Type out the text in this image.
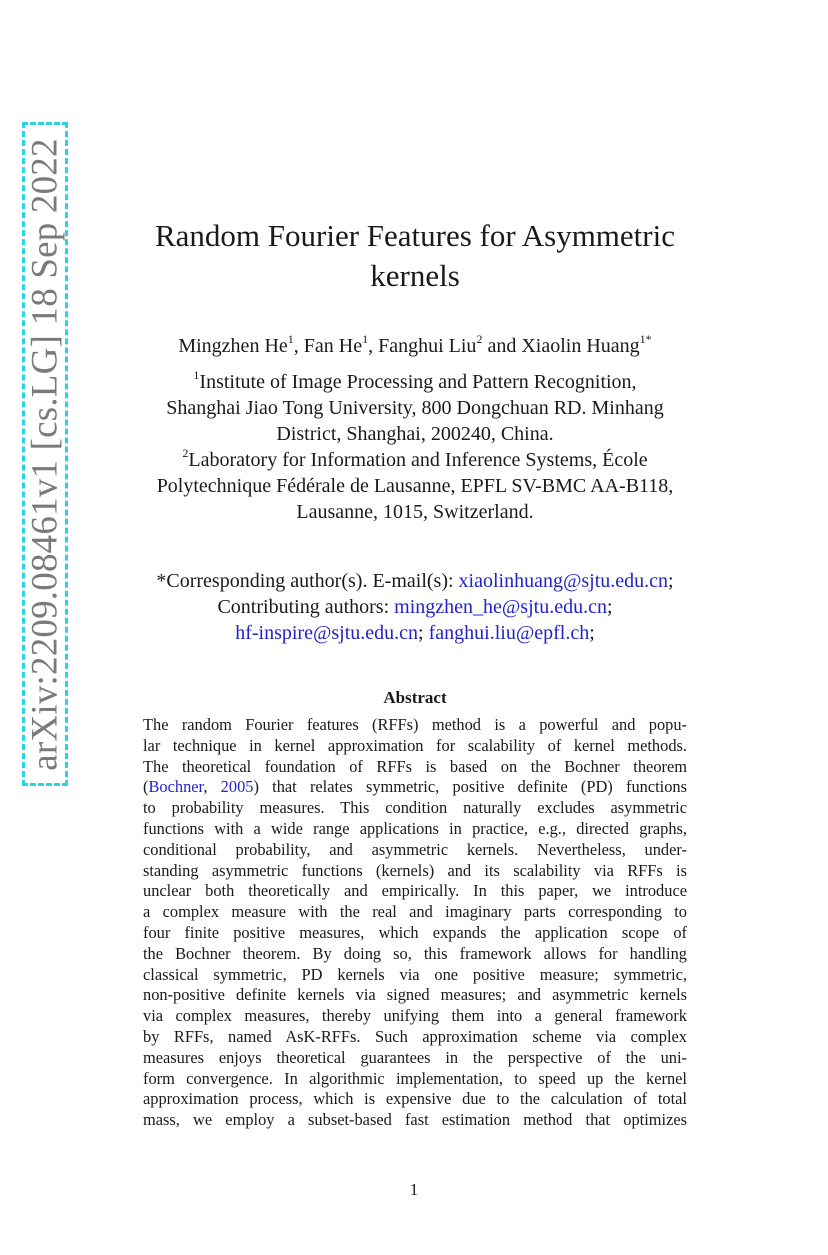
arXiv:2209.08461v1 [cs.LG] 18 Sep 2022	Random Fourier Features for Asymmetric
kernels
Mingzhen He$^1$, Fan He$^1$, Fanghui Liu$^2$ and Xiaolin Huang$^{1*}$
$^1$Institute of Image Processing and Pattern Recognition,
Shanghai Jiao Tong University, 800 Dongchuan RD. Minhang
District, Shanghai, 200240, China.
$^2$Laboratory for Information and Inference Systems, École
Polytechnique Fédérale de Lausanne, EPFL SV-BMC AA-B118,
Lausanne, 1015, Switzerland.
*Corresponding author(s). E-mail(s): xiaolinhuang@sjtu.edu.cn;
Contributing authors: mingzhen_he@sjtu.edu.cn;
hf-inspire@sjtu.edu.cn; fanghui.liu@epfl.ch;
Abstract
The random Fourier features (RFFs) method is a powerful and popu-
lar technique in kernel approximation for scalability of kernel methods.
The theoretical foundation of RFFs is based on the Bochner theorem
(Bochner, 2005) that relates symmetric, positive definite (PD) functions
to probability measures. This condition naturally excludes asymmetric
functions with a wide range applications in practice, e.g., directed graphs,
conditional probability, and asymmetric kernels. Nevertheless, under-
standing asymmetric functions (kernels) and its scalability via RFFs is
unclear both theoretically and empirically. In this paper, we introduce
a complex measure with the real and imaginary parts corresponding to
four finite positive measures, which expands the application scope of
the Bochner theorem. By doing so, this framework allows for handling
classical symmetric, PD kernels via one positive measure; symmetric,
non-positive definite kernels via signed measures; and asymmetric kernels
via complex measures, thereby unifying them into a general framework
by RFFs, named AsK-RFFs. Such approximation scheme via complex
measures enjoys theoretical guarantees in the perspective of the uni-
form convergence. In algorithmic implementation, to speed up the kernel
approximation process, which is expensive due to the calculation of total
mass, we employ a subset-based fast estimation method that optimizes
1
